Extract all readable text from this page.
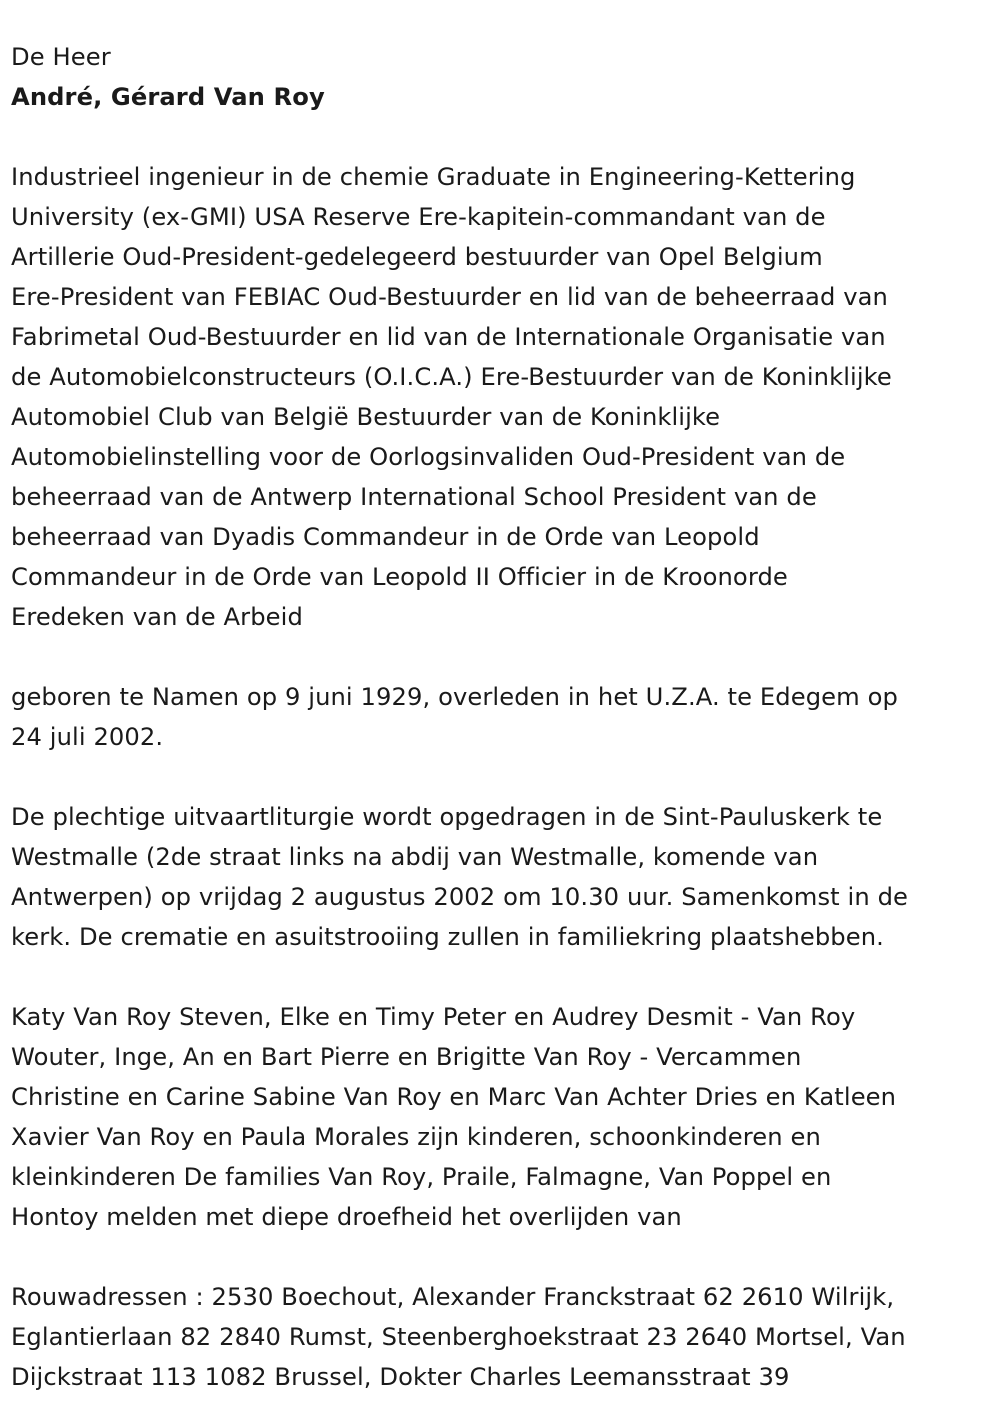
De Heer

André, Gérard Van Roy

Industrieel ingenieur in de chemie Graduate in Engineering-Kettering

University (ex-GMI) USA Reserve Ere-kapitein-commandant van de

Artillerie Oud-President-gedelegeerd bestuurder van Opel Belgium

Ere-President van FEBIAC Oud-Bestuurder en lid van de beheerraad van

Fabrimetal Oud-Bestuurder en lid van de Internationale Organisatie van

de Automobielconstructeurs (O.I.C.A.) Ere-Bestuurder van de Koninklijke

Automobiel Club van België Bestuurder van de Koninklijke

Automobielinstelling voor de Oorlogsinvaliden Oud-President van de

beheerraad van de Antwerp International School President van de

beheerraad van Dyadis Commandeur in de Orde van Leopold

Commandeur in de Orde van Leopold II Officier in de Kroonorde

Eredeken van de Arbeid

geboren te Namen op 9 juni 1929, overleden in het U.Z.A. te Edegem op

24 juli 2002.

De plechtige uitvaartliturgie wordt opgedragen in de Sint-Pauluskerk te

Westmalle (2de straat links na abdij van Westmalle, komende van

Antwerpen) op vrijdag 2 augustus 2002 om 10.30 uur. Samenkomst in de

kerk. De crematie en asuitstrooiing zullen in familiekring plaatshebben.

Katy Van Roy Steven, Elke en Timy Peter en Audrey Desmit - Van Roy

Wouter, Inge, An en Bart Pierre en Brigitte Van Roy - Vercammen

Christine en Carine Sabine Van Roy en Marc Van Achter Dries en Katleen

Xavier Van Roy en Paula Morales zijn kinderen, schoonkinderen en

kleinkinderen De families Van Roy, Praile, Falmagne, Van Poppel en

Hontoy melden met diepe droefheid het overlijden van

Rouwadressen : 2530 Boechout, Alexander Franckstraat 62 2610 Wilrijk,

Eglantierlaan 82 2840 Rumst, Steenberghoekstraat 23 2640 Mortsel, Van

Dijckstraat 113 1082 Brussel, Dokter Charles Leemansstraat 39
